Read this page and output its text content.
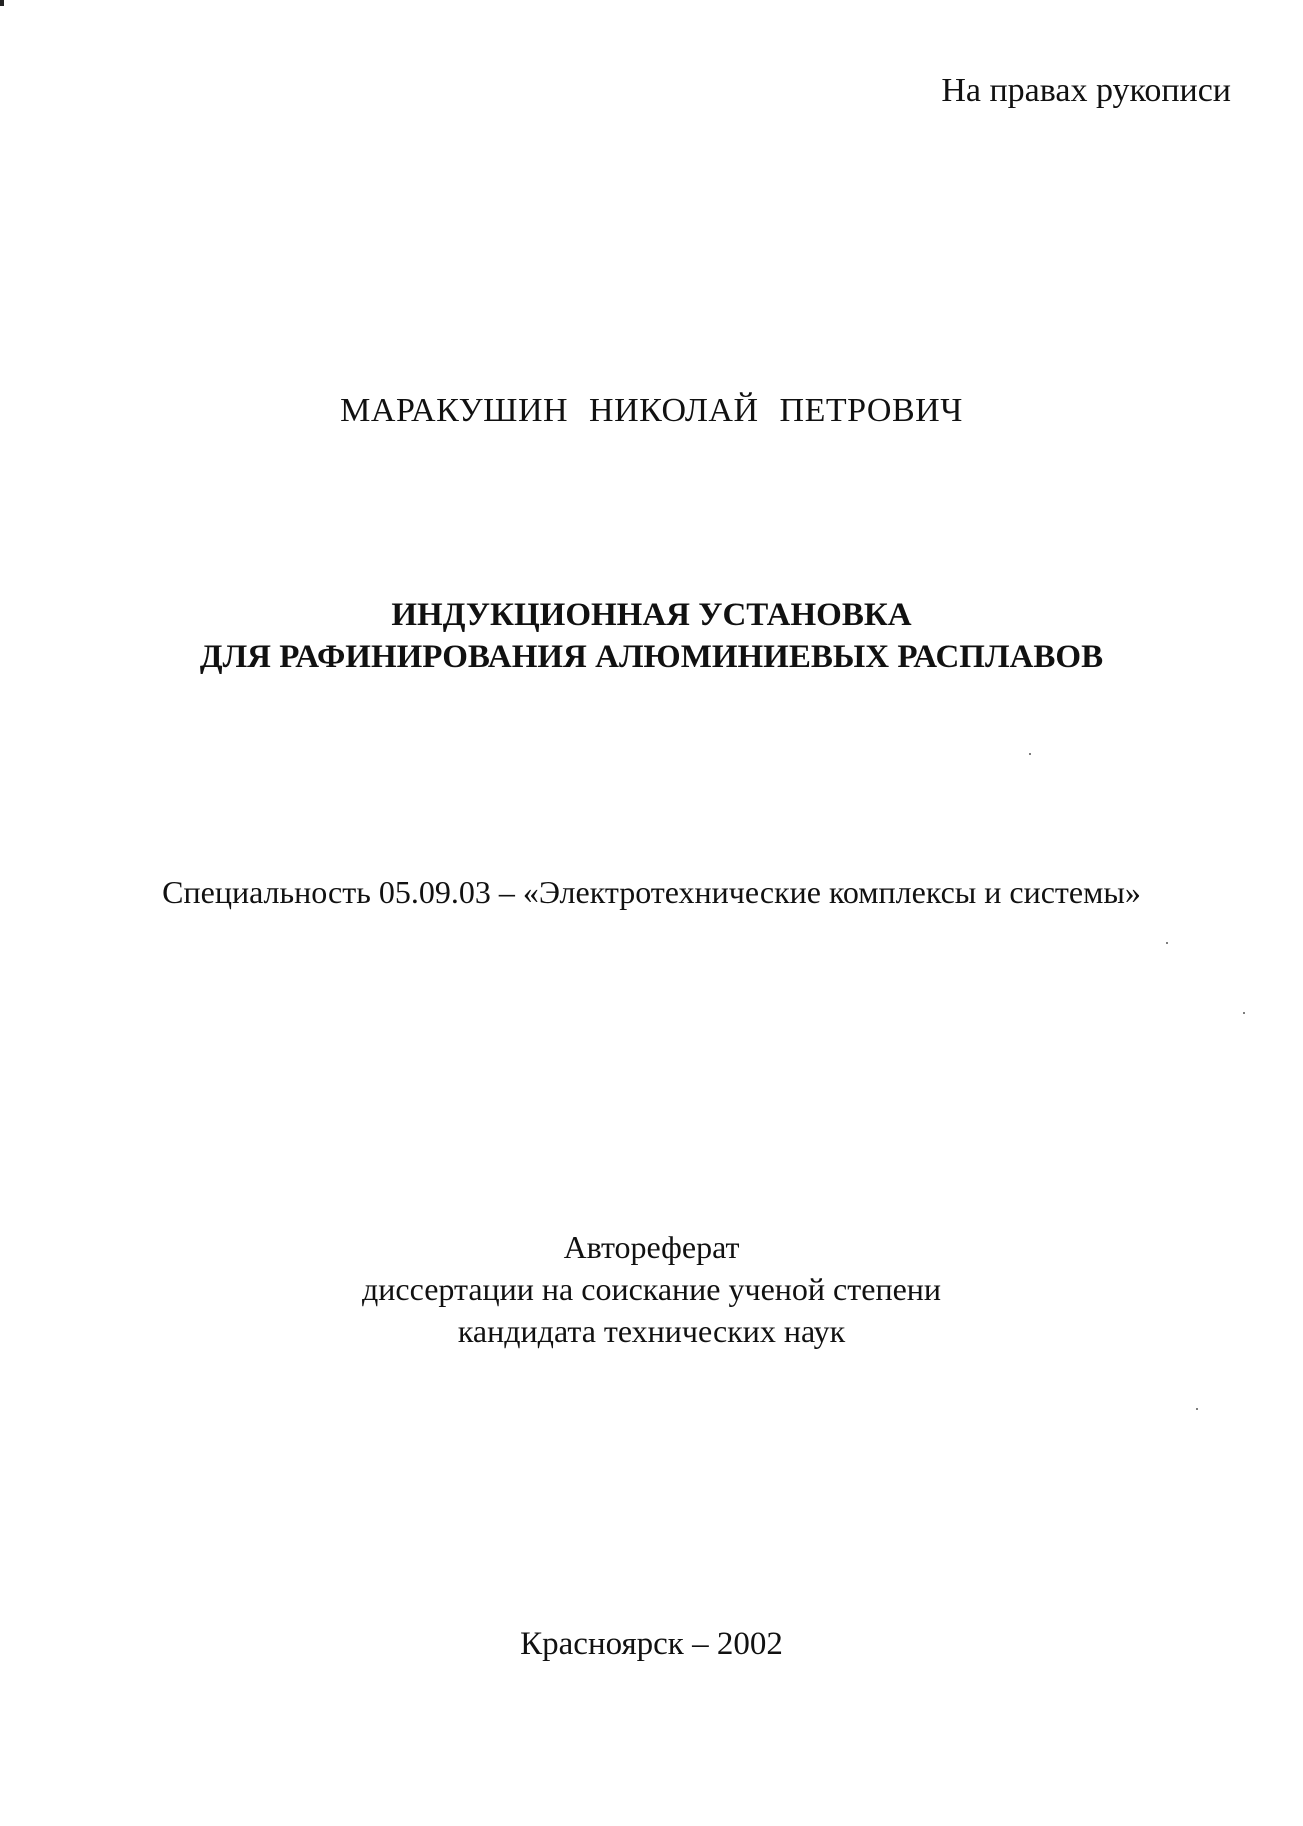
На правах рукописи
МАРАКУШИН НИКОЛАЙ ПЕТРОВИЧ
ИНДУКЦИОННАЯ УСТАНОВКА
ДЛЯ РАФИНИРОВАНИЯ АЛЮМИНИЕВЫХ РАСПЛАВОВ
Специальность 05.09.03 – «Электротехнические комплексы и системы»
Автореферат
диссертации на соискание ученой степени
кандидата технических наук
Красноярск – 2002
